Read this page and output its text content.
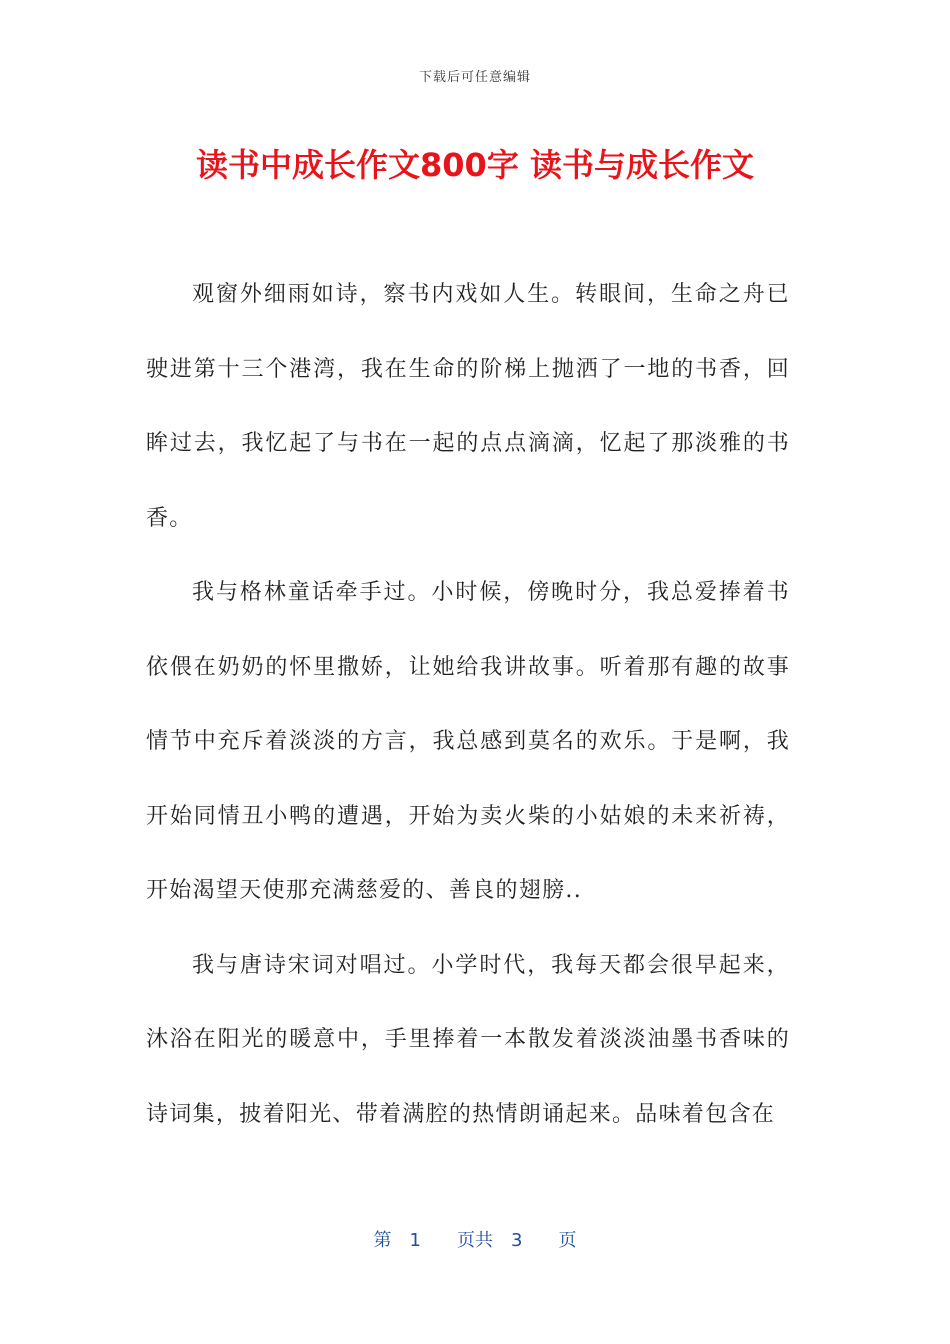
下载后可任意编辑
读书中成长作文800字 读书与成长作文

观窗外细雨如诗，察书内戏如人生。转眼间，生命之舟已驶进第十三个港湾，我在生命的阶梯上抛洒了一地的书香，回眸过去，我忆起了与书在一起的点点滴滴，忆起了那淡雅的书香。

我与格林童话牵手过。小时候，傍晚时分，我总爱捧着书依偎在奶奶的怀里撒娇，让她给我讲故事。听着那有趣的故事情节中充斥着淡淡的方言，我总感到莫名的欢乐。于是啊，我开始同情丑小鸭的遭遇，开始为卖火柴的小姑娘的未来祈祷，开始渴望天使那充满慈爱的、善良的翅膀..

我与唐诗宋词对唱过。小学时代，我每天都会很早起来，沐浴在阳光的暖意中，手里捧着一本散发着淡淡油墨书香味的诗词集，披着阳光、带着满腔的热情朗诵起来。品味着包含在

第　1　　页共　3　　页
